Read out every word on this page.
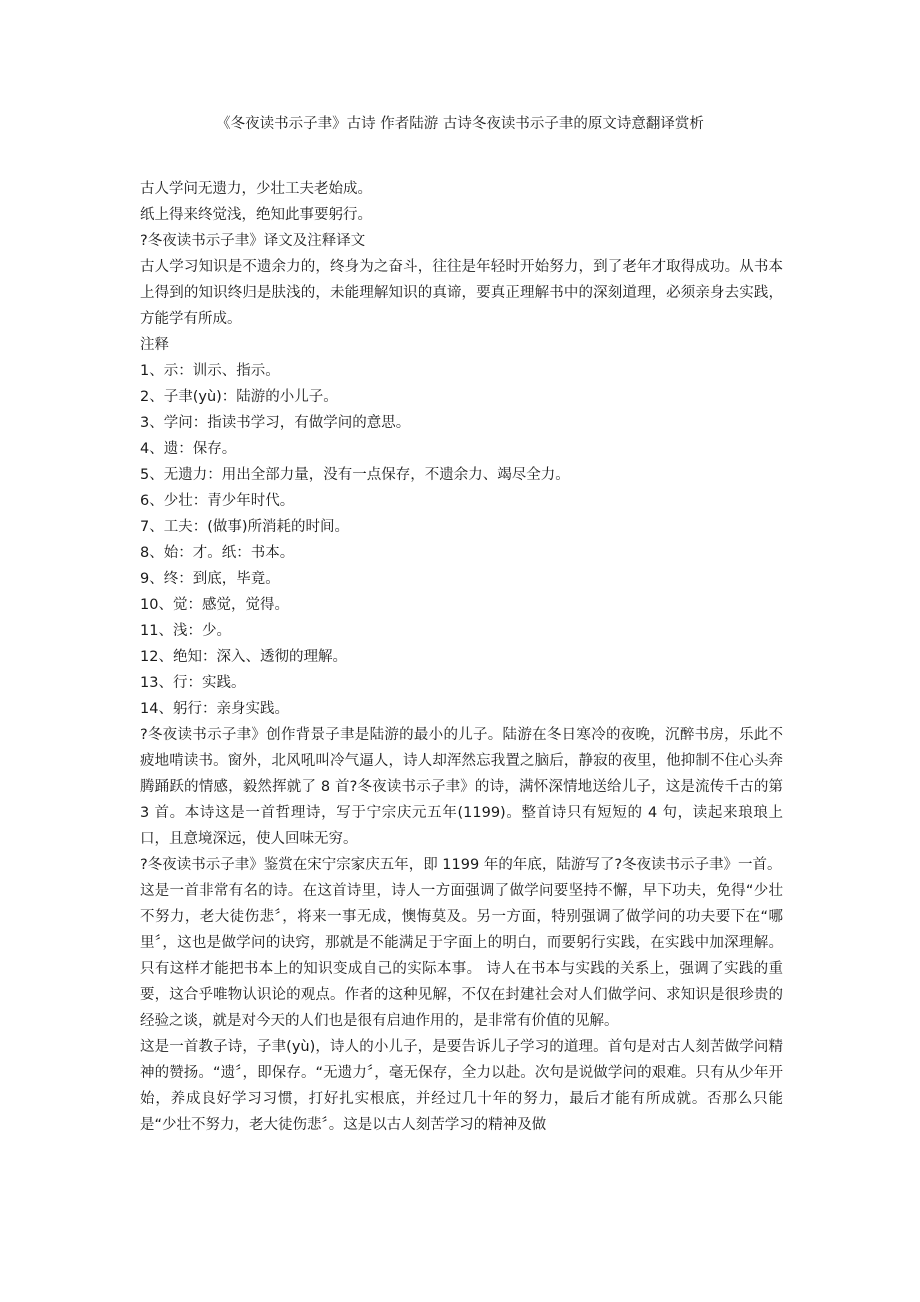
《冬夜读书示子聿》古诗 作者陆游 古诗冬夜读书示子聿的原文诗意翻译赏析

古人学问无遗力，少壮工夫老始成。

纸上得来终觉浅，绝知此事要躬行。

?冬夜读书示子聿》译文及注释译文

古人学习知识是不遗余力的，终身为之奋斗，往往是年轻时开始努力，到了老年才取得成功。从书本上得到的知识终归是肤浅的，未能理解知识的真谛，要真正理解书中的深刻道理，必须亲身去实践，方能学有所成。

注释

1、示：训示、指示。
2、子聿(yù)：陆游的小儿子。
3、学问：指读书学习，有做学问的意思。
4、遗：保存。
5、无遗力：用出全部力量，没有一点保存，不遗余力、竭尽全力。
6、少壮：青少年时代。
7、工夫：(做事)所消耗的时间。
8、始：才。纸：书本。
9、终：到底，毕竟。
10、觉：感觉，觉得。
11、浅：少。
12、绝知：深入、透彻的理解。
13、行：实践。
14、躬行：亲身实践。

?冬夜读书示子聿》创作背景子聿是陆游的最小的儿子。陆游在冬日寒冷的夜晚，沉醉书房，乐此不疲地啃读书。窗外，北风吼叫冷气逼人，诗人却浑然忘我置之脑后，静寂的夜里，他抑制不住心头奔腾踊跃的情感，毅然挥就了 8 首?冬夜读书示子聿》的诗，满怀深情地送给儿子，这是流传千古的第 3 首。本诗这是一首哲理诗，写于宁宗庆元五年(1199)。整首诗只有短短的 4 句，读起来琅琅上口，且意境深远，使人回味无穷。

?冬夜读书示子聿》鉴赏在宋宁宗家庆五年，即 1199 年的年底，陆游写了?冬夜读书示子聿》一首。

这是一首非常有名的诗。在这首诗里，诗人一方面强调了做学问要坚持不懈，早下功夫，免得“少壮不努力，老大徒伤悲〞，将来一事无成，懊悔莫及。另一方面，特别强调了做学问的功夫要下在“哪里〞，这也是做学问的诀窍，那就是不能满足于字面上的明白，而要躬行实践，在实践中加深理解。只有这样才能把书本上的知识变成自己的实际本事。 诗人在书本与实践的关系上，强调了实践的重要，这合乎唯物认识论的观点。作者的这种见解，不仅在封建社会对人们做学问、求知识是很珍贵的经验之谈，就是对今天的人们也是很有启迪作用的，是非常有价值的见解。

这是一首教子诗，子聿(yù)，诗人的小儿子，是要告诉儿子学习的道理。首句是对古人刻苦做学问精神的赞扬。“遗〞，即保存。“无遗力〞，毫无保存，全力以赴。次句是说做学问的艰难。只有从少年开始，养成良好学习习惯，打好扎实根底，并经过几十年的努力，最后才能有所成就。否那么只能是“少壮不努力，老大徒伤悲〞。这是以古人刻苦学习的精神及做
